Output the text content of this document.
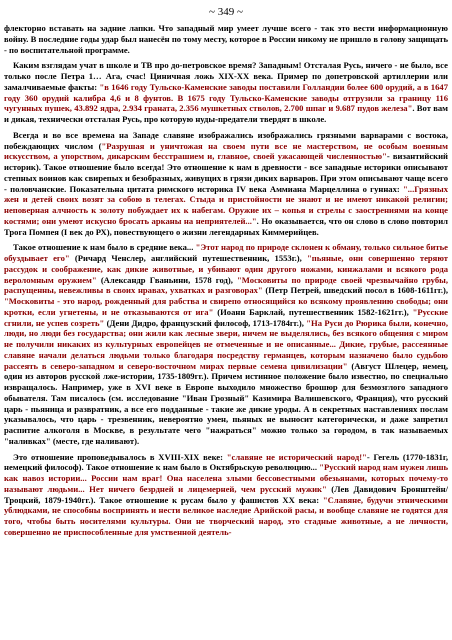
~ 349 ~

флекторно вставать на задние лапки. Что западный мир умеет лучше всего - так это вести информационную войну. В последние годы удар был нанесён по тому месту, которое в России никому не пришло в голову защищать - по воспитательной программе.

Каким взглядам учат в школе и ТВ про до-петровское время? Западным! Отсталая Русь, ничего - не было, все только после Петра 1… Ага, счас! Циничная ложь XIX-XX века. Пример по допетровской артиллерии или замалчиваемые факты: "в 1646 году Тульско-Каменские заводы поставили Голландии более 600 орудий, а в 1647 году 360 орудий калибра 4,6 и 8 фунтов. В 1675 году Тульско-Каменские заводы отгрузили за границу 116 чугунных пушек, 43.892 ядра, 2.934 граната, 2.356 мушкетных стволов, 2.700 шпаг и 9.687 пудов железа". Вот вам и дикая, технически отсталая Русь, про которую нуды-предатели твердят в школе.

Всегда и во все времена на Западе славяне изображались изображались грязными варварами с востока, побеждающих числом ("Разрушая и уничтожая на своем пути все не мастерством, не особым военным искусством, а упорством, дикарским бесстрашием и, главное, своей ужасающей численностью"- византийский историк). Такое отношение было всегда! Это отношение к нам в древности - все западные историки описывают степных воинов как свирепых и безобразных, живущих в грязи диких варваров. При этом описывают чаще всего - половчанские. Показательна цитата римского историка IV века Аммиана Марцеллина о гуннах: "...Грязных жен и детей своих возят за собою в телегах. Стыда и пристойности не знают и не имеют никакой религии; неповерная алчность к золоту побуждает их к набегам. Оружие их – копья и стрелы с заострениями на конце костями; они умеют искусно бросать арканы на неприятелей...". Но оказывается, что он слово в слово повторил Трога Помпея (I век до РХ), повествующего о жизни легендарных Киммерийцев.

Такое отношение к нам было в средние века... "Этот народ по природе склонен к обману, только сильное битье обуздывает его" (Ричард Ченслер, английский путешественник, 1553г.), "пьяные, они совершенно теряют рассудок и соображение, как дикие животные, и убивают один другого ножами, кинжалами и всякого рода вероломным оружием" (Александр Гваньини, 1578 год), "Московиты по природе своей чрезвычайно грубы, распущенны, невежливы в своих нравах, ухватках и разговорах" (Петр Петрей, шведский посол в 1608-1611гг.), "Московиты - это народ, рожденный для рабства и свирепо относящийся ко всякому проявлению свободы; они кротки, если угнетены, и не отказываются от ига" (Иоанн Барклай, путешественник 1582-1621гг.), "Русские сгнили, не успев созреть" (Дени Дидро, французский философ, 1713-1784гг.), "На Руси до Рюрика были, конечно, люди, но люди без государства; они жили как лесные звери, ничем не выделялись, без всякого общения с миром не получили никаких из культурных европейцев не отмеченные и не описанные... Дикие, грубые, рассеянные славяне начали делаться людьми только благодаря посредству германцев, которым назначено было судьбою рассеять в северо-западном и северо-восточном мирах первые семена цивилизации" (Август Шлецер, немец, один из авторов русской лже-истории, 1735-1809гг.). Причем истинное положение было известно, по специально извращалось. Например, уже в XVI веке в Европе выходило множество брошюр для безмозглого западного обывателя. Там писалось (см. исследование "Иван Грозный" Казимира Валишевского, Франция), что русский царь - пьяница и развратник, а все его подданные - такие же дикие уроды. А в секретных наставлениях послам указывалось, что царь - трезвенник, невероятно умен, пьяных не выносит категорически, и даже запретил распитие алкоголя в Москве, в результате чего "нажраться" можно только за городом, в так называемых "наливках" (месте, где наливают).

Это отношение проповедывалось в XVIII-XIX веке: "славяне не исторический народ!"- Гегель (1770-1831г, немецкий философ). Такое отношение к нам было в Октябрьскую революцию... "Русский народ нам нужен лишь как навоз истории... России нам враг! Она населена злыми бессовестными обезьянами, которых почему-то называют людьми... Нет ничего безрдней и лицемерней, чем русский мужик" (Лев Давидович Бронштейн/Троцкий, 1879-1940гг.). Такое отношение к русам было у фашистов XX века: "Славяне, будучи этническими ублюдками, не способны воспринять и нести великое наследие Арийской расы, и вообще славяне не годятся для того, чтобы быть носителями культуры. Они не творческий народ, это стадные животные, а не личности, совершенно не приспособленные для умственной деятель-
